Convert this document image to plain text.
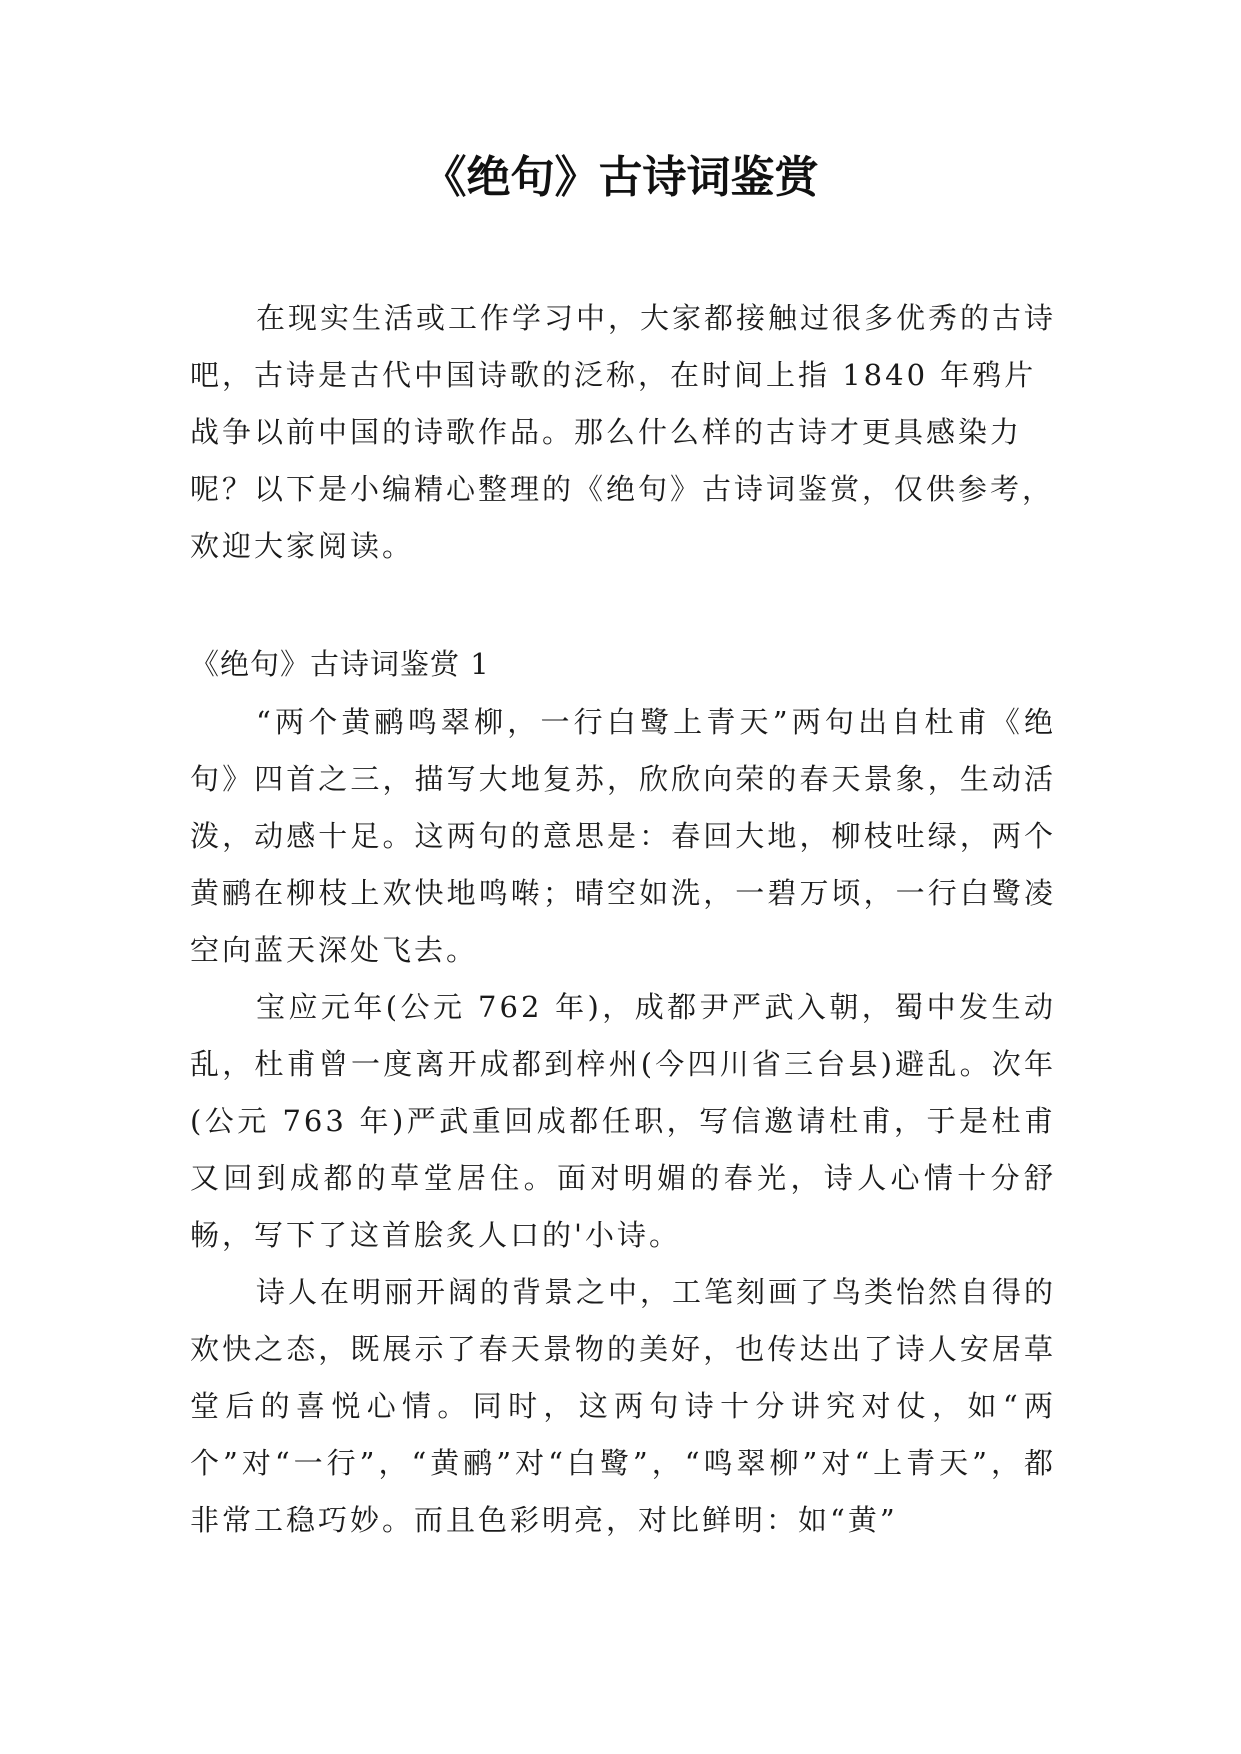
《绝句》古诗词鉴赏

在现实生活或工作学习中，大家都接触过很多优秀的古诗吧，古诗是古代中国诗歌的泛称，在时间上指 1840 年鸦片战争以前中国的诗歌作品。那么什么样的古诗才更具感染力呢？以下是小编精心整理的《绝句》古诗词鉴赏，仅供参考，欢迎大家阅读。

《绝句》古诗词鉴赏 1

“两个黄鹂鸣翠柳，一行白鹭上青天”两句出自杜甫《绝句》四首之三，描写大地复苏，欣欣向荣的春天景象，生动活泼，动感十足。这两句的意思是：春回大地，柳枝吐绿，两个黄鹂在柳枝上欢快地鸣啭；晴空如洗，一碧万顷，一行白鹭凌空向蓝天深处飞去。

宝应元年(公元 762 年)，成都尹严武入朝，蜀中发生动乱，杜甫曾一度离开成都到梓州(今四川省三台县)避乱。次年(公元 763 年)严武重回成都任职，写信邀请杜甫，于是杜甫又回到成都的草堂居住。面对明媚的春光，诗人心情十分舒畅，写下了这首脍炙人口的'小诗。

诗人在明丽开阔的背景之中，工笔刻画了鸟类怡然自得的欢快之态，既展示了春天景物的美好，也传达出了诗人安居草堂后的喜悦心情。同时，这两句诗十分讲究对仗，如“两个”对“一行”，“黄鹂”对“白鹭”，“鸣翠柳”对“上青天”，都非常工稳巧妙。而且色彩明亮，对比鲜明：如“黄”
